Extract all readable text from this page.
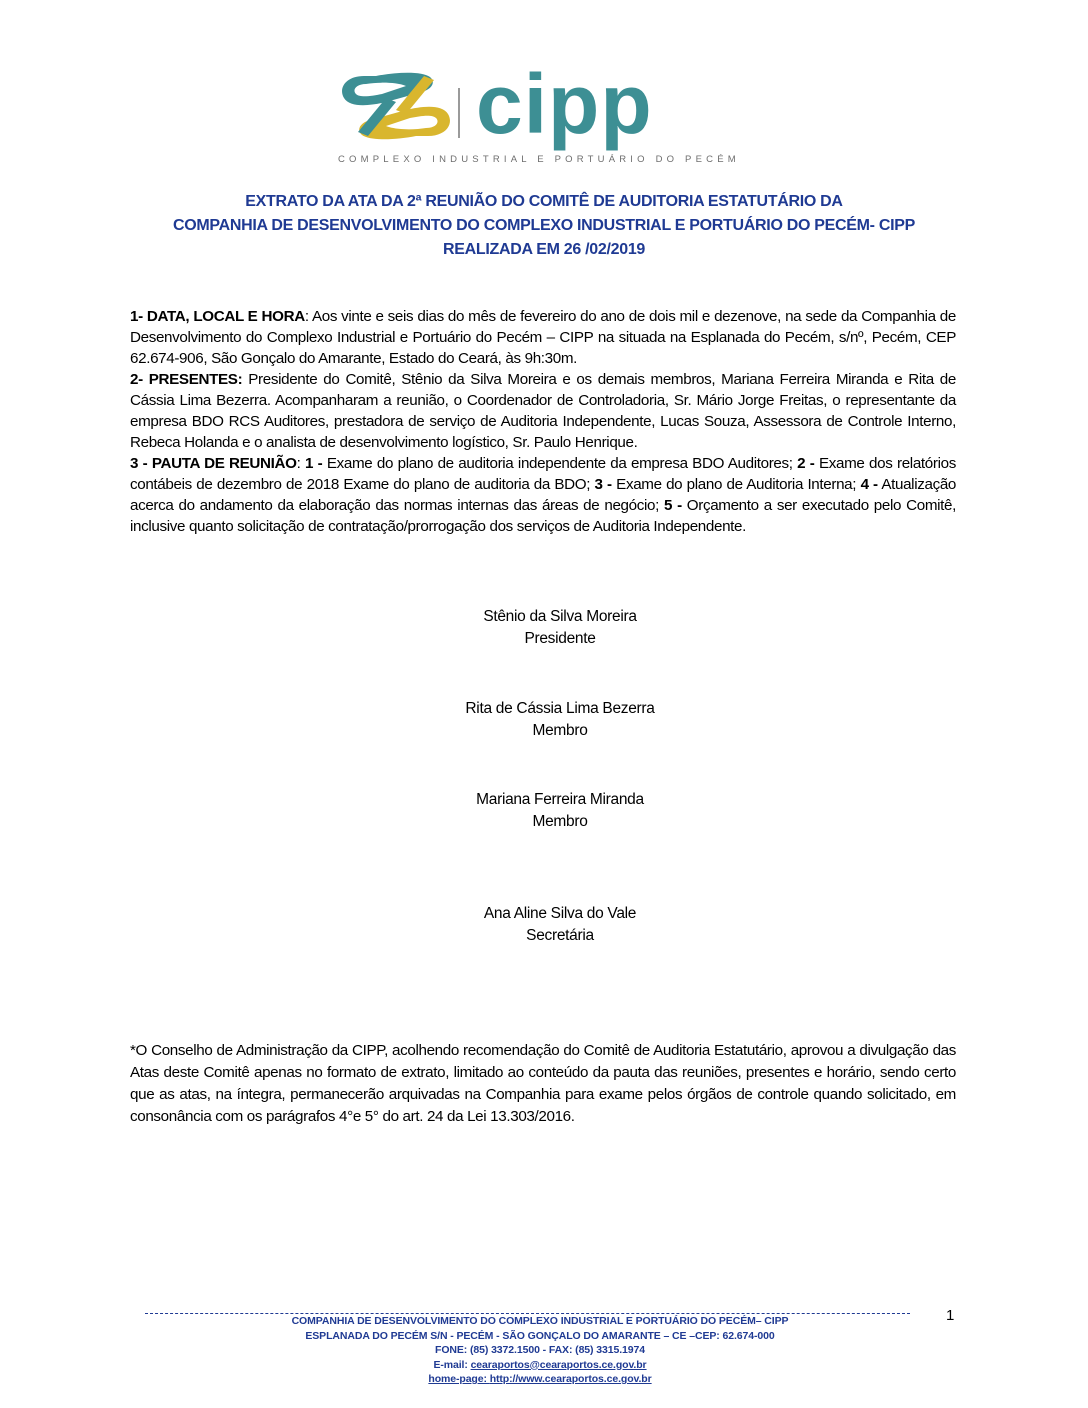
cipp
COMPLEXO INDUSTRIAL E PORTUÁRIO DO PECÉM
EXTRATO DA ATA DA 2ª REUNIÃO DO COMITÊ DE AUDITORIA ESTATUTÁRIO DA
COMPANHIA DE DESENVOLVIMENTO DO COMPLEXO INDUSTRIAL E PORTUÁRIO DO PECÉM- CIPP
REALIZADA EM 26 /02/2019

1- DATA, LOCAL E HORA: Aos vinte e seis dias do mês de fevereiro do ano de dois mil e dezenove, na sede da Companhia de Desenvolvimento do Complexo Industrial e Portuário do Pecém – CIPP na situada na Esplanada do Pecém, s/nº, Pecém, CEP 62.674-906, São Gonçalo do Amarante, Estado do Ceará, às 9h:30m.

2- PRESENTES: Presidente do Comitê, Stênio da Silva Moreira e os demais membros, Mariana Ferreira Miranda e Rita de Cássia Lima Bezerra. Acompanharam a reunião, o Coordenador de Controladoria, Sr. Mário Jorge Freitas, o representante da empresa BDO RCS Auditores, prestadora de serviço de Auditoria Independente, Lucas Souza, Assessora de Controle Interno, Rebeca Holanda e o analista de desenvolvimento logístico, Sr. Paulo Henrique.

3 - PAUTA DE REUNIÃO: 1 - Exame do plano de auditoria independente da empresa BDO Auditores; 2 - Exame dos relatórios contábeis de dezembro de 2018 Exame do plano de auditoria da BDO; 3 - Exame do plano de Auditoria Interna; 4 - Atualização acerca do andamento da elaboração das normas internas das áreas de negócio; 5 - Orçamento a ser executado pelo Comitê, inclusive quanto solicitação de contratação/prorrogação dos serviços de Auditoria Independente.

Stênio da Silva Moreira
Presidente
Rita de Cássia Lima Bezerra
Membro
Mariana Ferreira Miranda
Membro
Ana Aline Silva do Vale
Secretária
*O Conselho de Administração da CIPP, acolhendo recomendação do Comitê de Auditoria Estatutário, aprovou a divulgação das Atas deste Comitê apenas no formato de extrato, limitado ao conteúdo da pauta das reuniões, presentes e horário, sendo certo que as atas, na íntegra, permanecerão arquivadas na Companhia para exame pelos órgãos de controle quando solicitado, em consonância com os parágrafos 4°e 5° do art. 24 da Lei 13.303/2016.
1
COMPANHIA DE DESENVOLVIMENTO DO COMPLEXO INDUSTRIAL E PORTUÁRIO DO PECÉM– CIPP
ESPLANADA DO PECÉM S/N - PECÉM - SÃO GONÇALO DO AMARANTE – CE –CEP: 62.674-000
FONE: (85) 3372.1500 - FAX: (85) 3315.1974
E-mail: cearaportos@cearaportos.ce.gov.br
home-page: http://www.cearaportos.ce.gov.br
